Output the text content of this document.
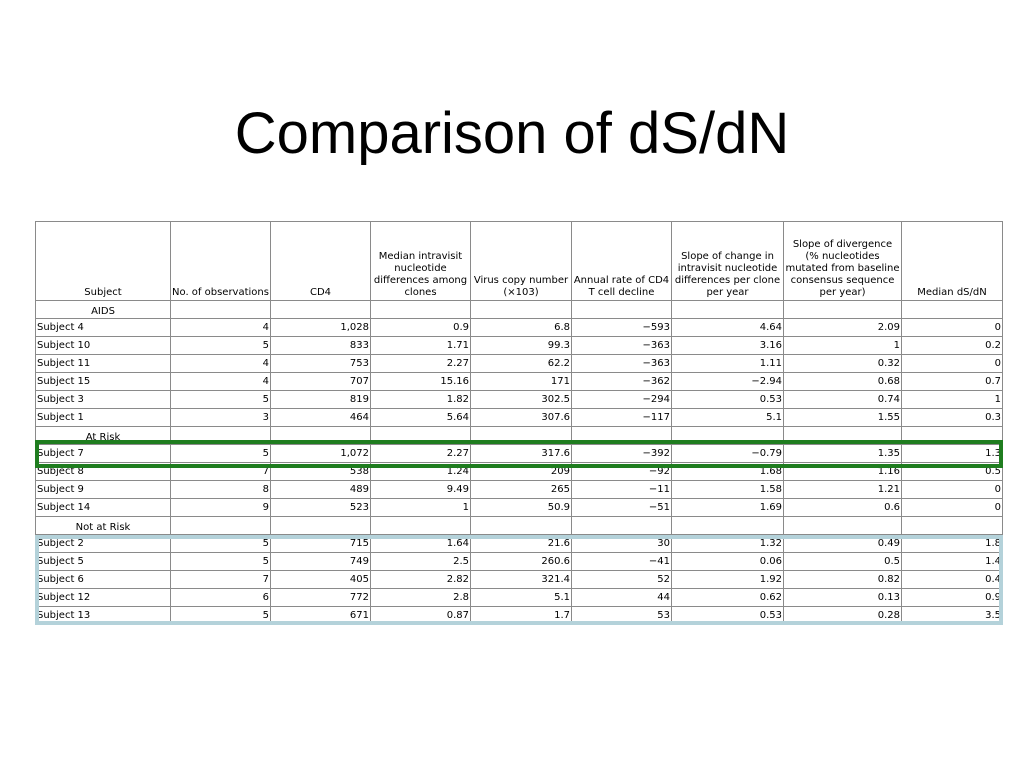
Comparison of dS/dN
Subject	No. of observations	CD4	Median intravisit nucleotide differences among clones	Virus copy number (×103)	Annual rate of CD4 T cell decline	Slope of change in intravisit nucleotide differences per clone per year	Slope of divergence (% nucleotides mutated from baseline consensus sequence per year)	Median dS/dN
AIDS								
Subject 4	4	1,028	0.9	6.8	−593	4.64	2.09	0
Subject 10	5	833	1.71	99.3	−363	3.16	1	0.2
Subject 11	4	753	2.27	62.2	−363	1.11	0.32	0
Subject 15	4	707	15.16	171	−362	−2.94	0.68	0.7
Subject 3	5	819	1.82	302.5	−294	0.53	0.74	1
Subject 1	3	464	5.64	307.6	−117	5.1	1.55	0.3
At Risk								
Subject 7	5	1,072	2.27	317.6	−392	−0.79	1.35	1.3
Subject 8	7	538	1.24	209	−92	1.68	1.16	0.5
Subject 9	8	489	9.49	265	−11	1.58	1.21	0
Subject 14	9	523	1	50.9	−51	1.69	0.6	0
Not at Risk								
Subject 2	5	715	1.64	21.6	30	1.32	0.49	1.8
Subject 5	5	749	2.5	260.6	−41	0.06	0.5	1.4
Subject 6	7	405	2.82	321.4	52	1.92	0.82	0.4
Subject 12	6	772	2.8	5.1	44	0.62	0.13	0.9
Subject 13	5	671	0.87	1.7	53	0.53	0.28	3.5
